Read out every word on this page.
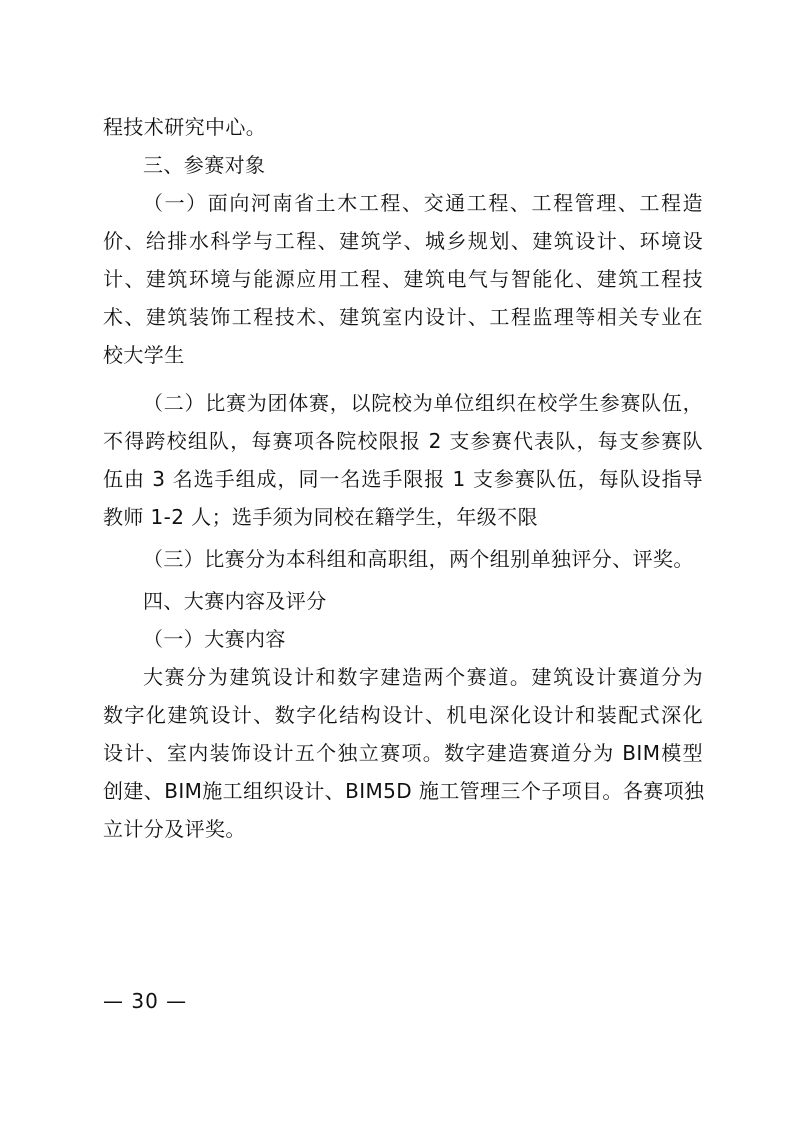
程技术研究中心。
三、参赛对象
（一）面向河南省土木工程、交通工程、工程管理、工程造
价、给排水科学与工程、建筑学、城乡规划、建筑设计、环境设
计、建筑环境与能源应用工程、建筑电气与智能化、建筑工程技
术、建筑装饰工程技术、建筑室内设计、工程监理等相关专业在
校大学生
（二）比赛为团体赛，以院校为单位组织在校学生参赛队伍，
不得跨校组队，每赛项各院校限报 2 支参赛代表队，每支参赛队
伍由 3 名选手组成，同一名选手限报 1 支参赛队伍，每队设指导
教师 1-2 人；选手须为同校在籍学生，年级不限
（三）比赛分为本科组和高职组，两个组别单独评分、评奖。
四、大赛内容及评分
（一）大赛内容
大赛分为建筑设计和数字建造两个赛道。建筑设计赛道分为
数字化建筑设计、数字化结构设计、机电深化设计和装配式深化
设计、室内装饰设计五个独立赛项。数字建造赛道分为 BIM模型
创建、BIM施工组织设计、BIM5D 施工管理三个子项目。各赛项独
立计分及评奖。
— 30 —
